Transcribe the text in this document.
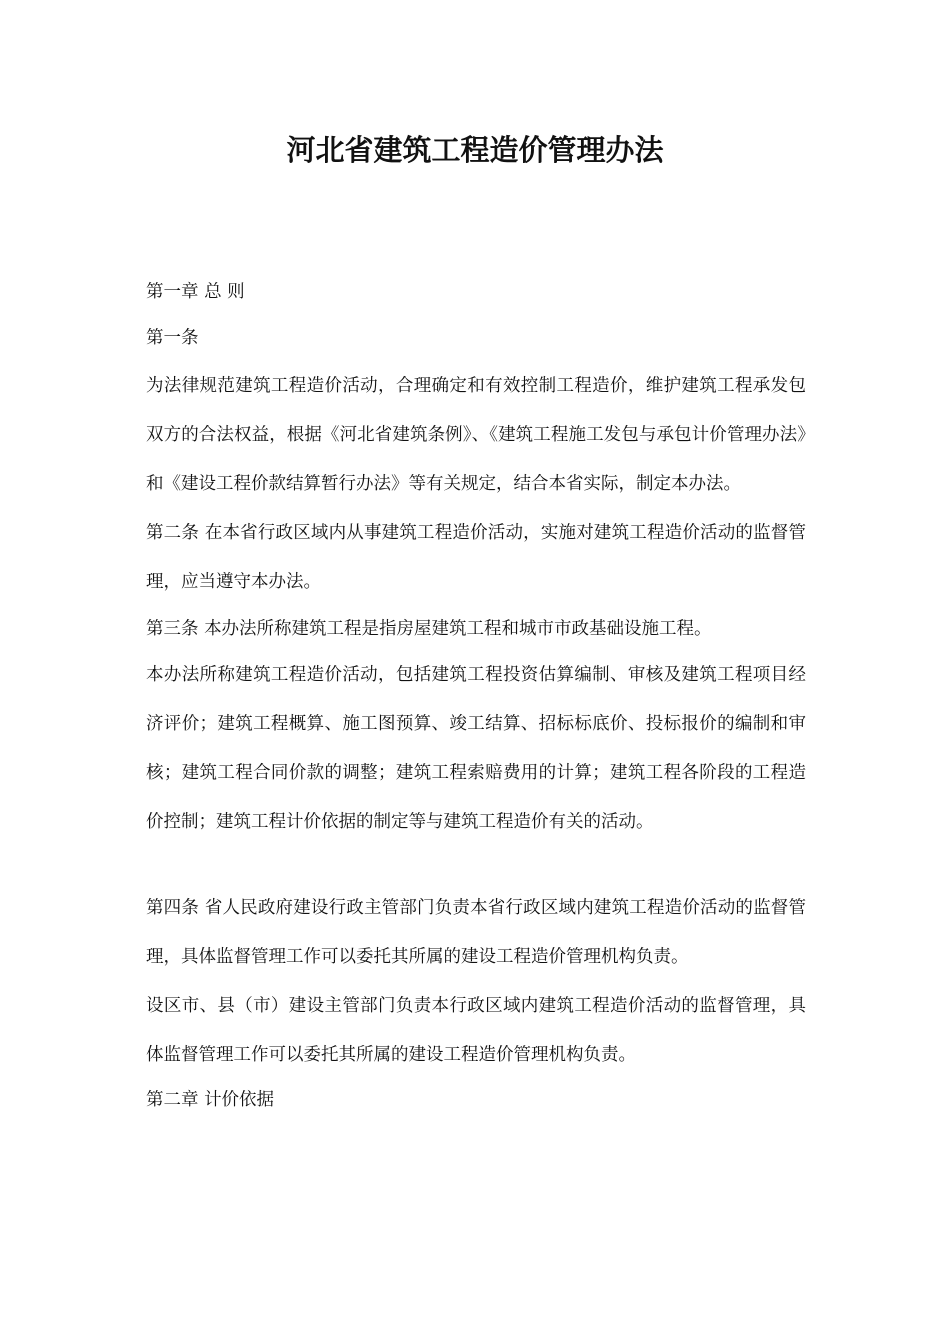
河北省建筑工程造价管理办法

第一章 总 则

第一条

为法律规范建筑工程造价活动，合理确定和有效控制工程造价，维护建筑工程承发包双方的合法权益，根据《河北省建筑条例》、《建筑工程施工发包与承包计价管理办法》和《建设工程价款结算暂行办法》等有关规定，结合本省实际，制定本办法。

第二条 在本省行政区域内从事建筑工程造价活动，实施对建筑工程造价活动的监督管理，应当遵守本办法。

第三条 本办法所称建筑工程是指房屋建筑工程和城市市政基础设施工程。

本办法所称建筑工程造价活动，包括建筑工程投资估算编制、审核及建筑工程项目经济评价；建筑工程概算、施工图预算、竣工结算、招标标底价、投标报价的编制和审核；建筑工程合同价款的调整；建筑工程索赔费用的计算；建筑工程各阶段的工程造价控制；建筑工程计价依据的制定等与建筑工程造价有关的活动。

第四条 省人民政府建设行政主管部门负责本省行政区域内建筑工程造价活动的监督管理，具体监督管理工作可以委托其所属的建设工程造价管理机构负责。

设区市、县（市）建设主管部门负责本行政区域内建筑工程造价活动的监督管理，具体监督管理工作可以委托其所属的建设工程造价管理机构负责。

第二章 计价依据
